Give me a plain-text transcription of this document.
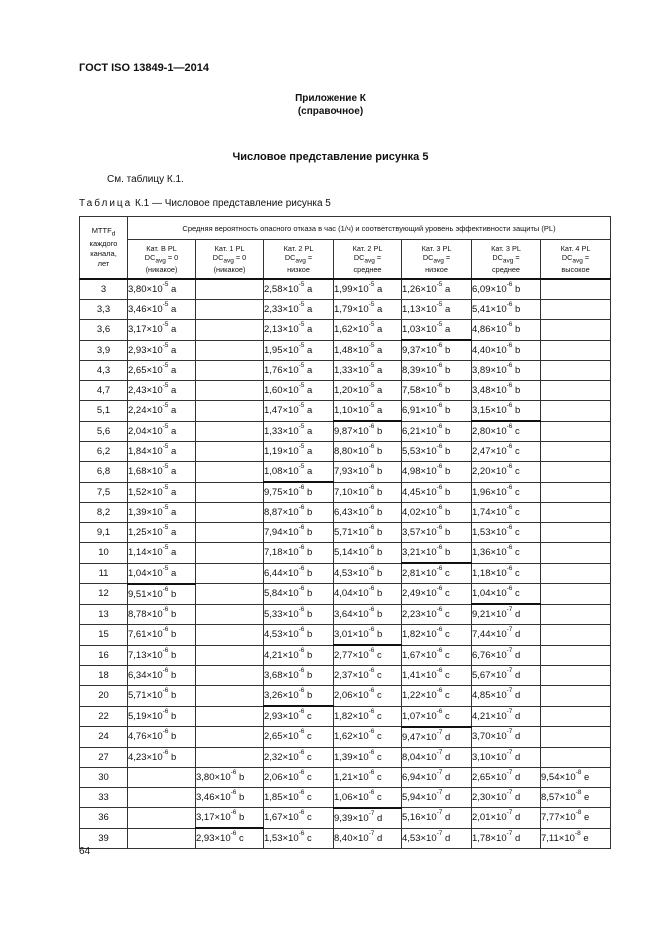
ГОСТ ISO 13849-1—2014
Приложение К
(справочное)
Числовое представление рисунка 5
См. таблицу К.1.
Таблица К.1 — Числовое представление рисунка 5
$MTTF_d$
каждого
канала,
лет	Средняя вероятность опасного отказа в час (1/ч) и соответствующий уровень эффективности защиты (PL)						
	Кат. B PL
$DC_{avg} = 0$
(никакое)	Кат. 1 PL
$DC_{avg} = 0$
(никакое)	Кат. 2 PL
$DC_{avg}$ =
низкое	Кат. 2 PL
$DC_{avg}$ =
среднее	Кат. 3 PL
$DC_{avg}$ =
низкое	Кат. 3 PL
$DC_{avg}$ =
среднее	Кат. 4 PL
$DC_{avg}$ =
высокое
3	$3,80\times 10^{-5}$ a		$2,58\times 10^{-5}$ a	$1,99\times 10^{-5}$ a	$1,26\times 10^{-5}$ a	$6,09\times 10^{-6}$ b	
3,3	$3,46\times 10^{-5}$ a		$2,33\times 10^{-5}$ a	$1,79\times 10^{-5}$ a	$1,13\times 10^{-5}$ a	$5,41\times 10^{-6}$ b	
3,6	$3,17\times 10^{-5}$ a		$2,13\times 10^{-5}$ a	$1,62\times 10^{-5}$ a	$1,03\times 10^{-5}$ a	$4,86\times 10^{-6}$ b	
3,9	$2,93\times 10^{-5}$ a		$1,95\times 10^{-5}$ a	$1,48\times 10^{-5}$ a	$9,37\times 10^{-6}$ b	$4,40\times 10^{-6}$ b	
4,3	$2,65\times 10^{-5}$ a		$1,76\times 10^{-5}$ a	$1,33\times 10^{-5}$ a	$8,39\times 10^{-6}$ b	$3,89\times 10^{-6}$ b	
4,7	$2,43\times 10^{-5}$ a		$1,60\times 10^{-5}$ a	$1,20\times 10^{-5}$ a	$7,58\times 10^{-6}$ b	$3,48\times 10^{-6}$ b	
5,1	$2,24\times 10^{-5}$ a		$1,47\times 10^{-5}$ a	$1,10\times 10^{-5}$ a	$6,91\times 10^{-6}$ b	$3,15\times 10^{-6}$ b	
5,6	$2,04\times 10^{-5}$ a		$1,33\times 10^{-5}$ a	$9,87\times 10^{-6}$ b	$6,21\times 10^{-6}$ b	$2,80\times 10^{-6}$ c	
6,2	$1,84\times 10^{-5}$ a		$1,19\times 10^{-5}$ a	$8,80\times 10^{-6}$ b	$5,53\times 10^{-6}$ b	$2,47\times 10^{-6}$ c	
6,8	$1,68\times 10^{-5}$ a		$1,08\times 10^{-5}$ a	$7,93\times 10^{-6}$ b	$4,98\times 10^{-6}$ b	$2,20\times 10^{-6}$ c	
7,5	$1,52\times 10^{-5}$ a		$9,75\times 10^{-6}$ b	$7,10\times 10^{-6}$ b	$4,45\times 10^{-6}$ b	$1,96\times 10^{-6}$ c	
8,2	$1,39\times 10^{-5}$ a		$8,87\times 10^{-6}$ b	$6,43\times 10^{-6}$ b	$4,02\times 10^{-6}$ b	$1,74\times 10^{-6}$ c	
9,1	$1,25\times 10^{-5}$ a		$7,94\times 10^{-6}$ b	$5,71\times 10^{-6}$ b	$3,57\times 10^{-6}$ b	$1,53\times 10^{-6}$ c	
10	$1,14\times 10^{-5}$ a		$7,18\times 10^{-6}$ b	$5,14\times 10^{-6}$ b	$3,21\times 10^{-6}$ b	$1,36\times 10^{-6}$ c	
11	$1,04\times 10^{-5}$ a		$6,44\times 10^{-6}$ b	$4,53\times 10^{-6}$ b	$2,81\times 10^{-6}$ c	$1,18\times 10^{-6}$ c	
12	$9,51\times 10^{-6}$ b		$5,84\times 10^{-6}$ b	$4,04\times 10^{-6}$ b	$2,49\times 10^{-6}$ c	$1,04\times 10^{-6}$ c	
13	$8,78\times 10^{-6}$ b		$5,33\times 10^{-6}$ b	$3,64\times 10^{-6}$ b	$2,23\times 10^{-6}$ c	$9,21\times 10^{-7}$ d	
15	$7,61\times 10^{-6}$ b		$4,53\times 10^{-6}$ b	$3,01\times 10^{-6}$ b	$1,82\times 10^{-6}$ c	$7,44\times 10^{-7}$ d	
16	$7,13\times 10^{-6}$ b		$4,21\times 10^{-6}$ b	$2,77\times 10^{-6}$ c	$1,67\times 10^{-6}$ c	$6,76\times 10^{-7}$ d	
18	$6,34\times 10^{-6}$ b		$3,68\times 10^{-6}$ b	$2,37\times 10^{-6}$ c	$1,41\times 10^{-6}$ c	$5,67\times 10^{-7}$ d	
20	$5,71\times 10^{-6}$ b		$3,26\times 10^{-6}$ b	$2,06\times 10^{-6}$ c	$1,22\times 10^{-6}$ c	$4,85\times 10^{-7}$ d	
22	$5,19\times 10^{-6}$ b		$2,93\times 10^{-6}$ c	$1,82\times 10^{-6}$ c	$1,07\times 10^{-6}$ c	$4,21\times 10^{-7}$ d	
24	$4,76\times 10^{-6}$ b		$2,65\times 10^{-6}$ c	$1,62\times 10^{-6}$ c	$9,47\times 10^{-7}$ d	$3,70\times 10^{-7}$ d	
27	$4,23\times 10^{-6}$ b		$2,32\times 10^{-6}$ c	$1,39\times 10^{-6}$ c	$8,04\times 10^{-7}$ d	$3,10\times 10^{-7}$ d	
30		$3,80\times 10^{-6}$ b	$2,06\times 10^{-6}$ c	$1,21\times 10^{-6}$ c	$6,94\times 10^{-7}$ d	$2,65\times 10^{-7}$ d	$9,54\times 10^{-8}$ e
33		$3,46\times 10^{-6}$ b	$1,85\times 10^{-6}$ c	$1,06\times 10^{-6}$ c	$5,94\times 10^{-7}$ d	$2,30\times 10^{-7}$ d	$8,57\times 10^{-8}$ e
36		$3,17\times 10^{-6}$ b	$1,67\times 10^{-6}$ c	$9,39\times 10^{-7}$ d	$5,16\times 10^{-7}$ d	$2,01\times 10^{-7}$ d	$7,77\times 10^{-8}$ e
39		$2,93\times 10^{-6}$ c	$1,53\times 10^{-6}$ c	$8,40\times 10^{-7}$ d	$4,53\times 10^{-7}$ d	$1,78\times 10^{-7}$ d	$7,11\times 10^{-8}$ e
64
